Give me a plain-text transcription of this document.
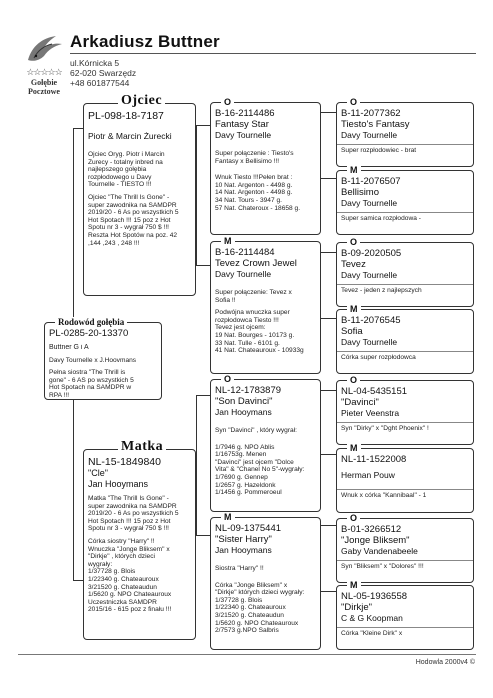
☆☆☆☆☆
Gołębie
Pocztowe
Arkadiusz Buttner
ul.Kórnicka 5
62-020 Swarzędz
+48 601877544
Rodowód gołębia
PL-0285-20-13370
Buttner G i A
Davy Tournelle x J.Hoovmans
Pełna siostra "The Thrill is
gone" - 6 AS po wszystkich 5
Hot Spotach na SAMDPR w
RPA !!!
Ojciec
PL-098-18-7187
Piotr & Marcin Żurecki
Ojciec Oryg. Piotr i Marcin
Żurecy - totalny inbred na
najlepszego gołębia
rozpłodowego u Davy
Tournelle - TIESTO !!!
Ojciec "The Thrill Is Gone" -
super zawodnika na SAMDPR
2019/20 - 6 As po wszystkich 5
Hot Spotach !!! 15 poz z Hot
Spotu nr 3 - wygrał 750 $ !!!
Reszta Hot Spotów na poz. 42
,144 ,243 , 248 !!!
Matka
NL-15-1849840
"Cle"
Jan Hooymans
Matka "The Thrill Is Gone" -
super zawodnika na SAMDPR
2019/20 - 6 As po wszystkich 5
Hot Spotach !!! 15 poz z Hot
Spotu nr 3 - wygrał 750 $ !!!
Córka siostry "Harry" !!
Wnuczka "Jonge Bliksem" x
"Dirkje" , których dzieci
wygrały:
1/37728 g. Blois
1/22340 g. Chateauroux
3/21520 g. Chateaudun
1/5620 g. NPO Chateauroux
Uczestniczka SAMDPR
2015/16 - 615 poz z finału !!!
O
B-16-2114486
Fantasy Star
Davy Tournelle
Super połączenie : Tiesto's
Fantasy x Bellisimo !!!
Wnuk Tiesto !!!Pełen brat :
10 Nat. Argenton - 4498 g.
14 Nat. Argenton - 4498 g.
34 Nat. Tours - 3947 g.
57 Nat. Chateroux - 18658 g.
M
B-16-2114484
Tevez Crown Jewel
Davy Tournelle
Super połączenie: Tevez x
Sofia !!
Podwójna wnuczka super
rozpłodowca Tiesto !!!
Tevez jest ojcem:
19 Nat. Bourges - 10173 g.
33 Nat. Tulle - 6101 g.
41 Nat. Chateauroux - 10933g
O
NL-12-1783879
"Son Davinci"
Jan Hooymans
Syn "Davinci" , który wygrał:
1/7946 g. NPO Ablis
1/16753g. Menen
"Davinci" jest ojcem "Dolce
Vita" & "Chanel No 5"-wygrały:
1/7690 g. Gennep
1/2657 g. Hazeldonk
1/1456 g. Pommeroeul
M
NL-09-1375441
"Sister Harry"
Jan Hooymans
Siostra "Harry" !!
Córka "Jonge Bliksem" x
"Dirkje" których dzieci wygrały:
1/37728 g. Blois
1/22340 g. Chateauroux
3/21520 g. Chateaudun
1/5620 g. NPO Chateauroux
2/7573 g.NPO Salbris
O
B-11-2077362
Tiesto's Fantasy
Davy Tournelle
Super rozpłodowiec - brat
M
B-11-2076507
Bellisimo
Davy Tournelle
Super samica rozpłodowa -
O
B-09-2020505
Tevez
Davy Tournelle
Tevez - jeden z najlepszych
M
B-11-2076545
Sofia
Davy Tournelle
Córka super rozpłodowca
O
NL-04-5435151
"Davinci"
Pieter Veenstra
Syn "Dirky" x "Dght Phoenix" !
M
NL-11-1522008
Herman Pouw
Wnuk x córka "Kannibaal" - 1
O
B-01-3266512
"Jonge Bliksem"
Gaby Vandenabeele
Syn "Bliksem" x "Dolores" !!!
M
NL-05-1936558
"Dirkje"
C & G Koopman
Córka "Kleine Dirk" x
Hodowla 2000v4 ©
